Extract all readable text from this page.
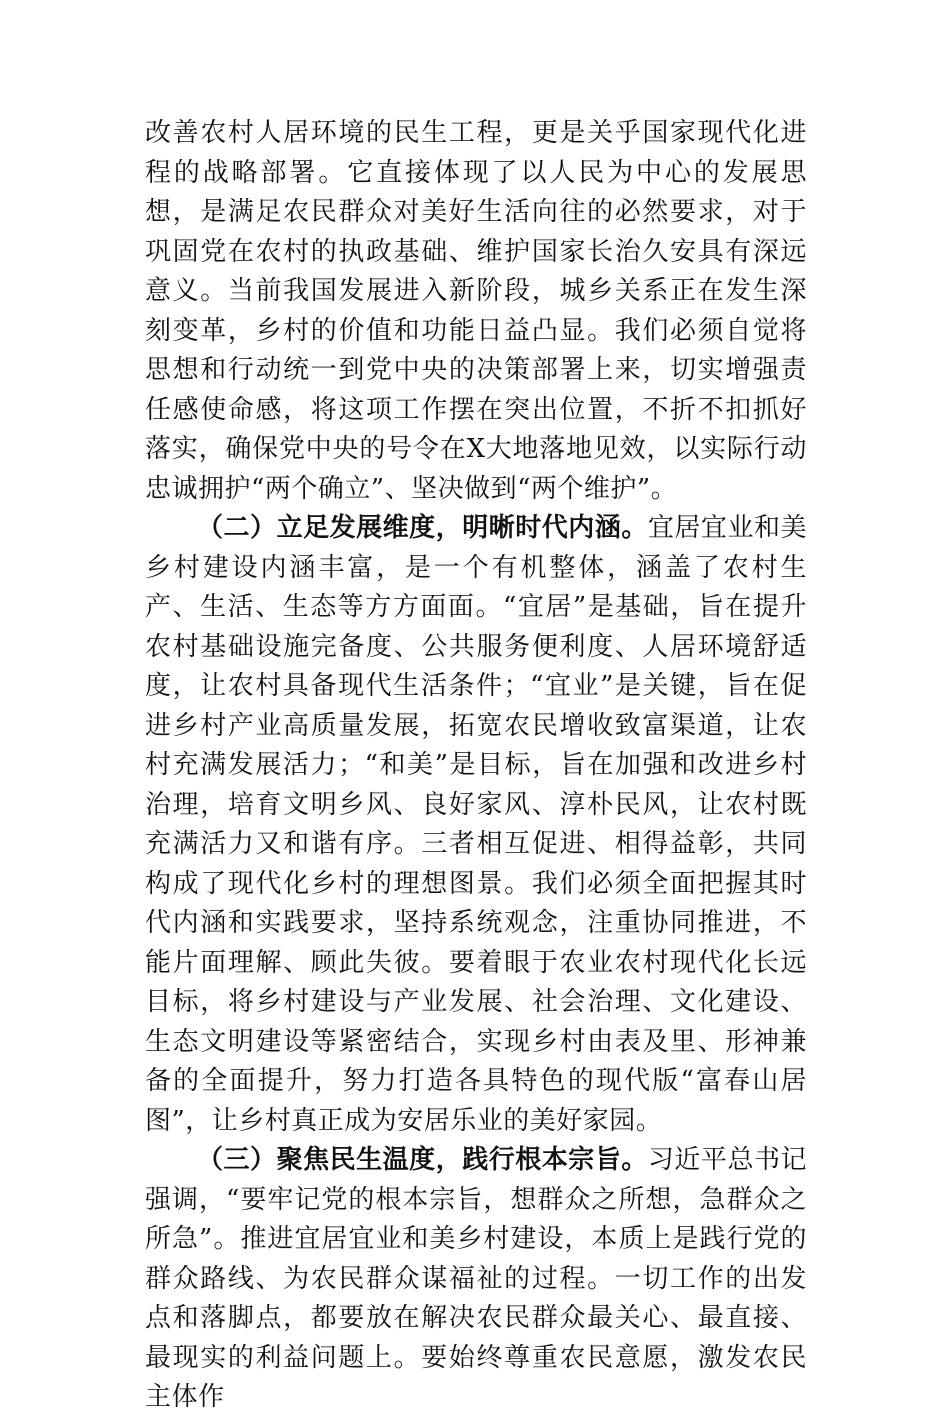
改善农村人居环境的民生工程，更是关乎国家现代化进程的战略部署。它直接体现了以人民为中心的发展思想，是满足农民群众对美好生活向往的必然要求，对于巩固党在农村的执政基础、维护国家长治久安具有深远意义。当前我国发展进入新阶段，城乡关系正在发生深刻变革，乡村的价值和功能日益凸显。我们必须自觉将思想和行动统一到党中央的决策部署上来，切实增强责任感使命感，将这项工作摆在突出位置，不折不扣抓好落实，确保党中央的号令在X大地落地见效，以实际行动忠诚拥护“两个确立”、坚决做到“两个维护”。

（二）立足发展维度，明晰时代内涵。宜居宜业和美乡村建设内涵丰富，是一个有机整体，涵盖了农村生产、生活、生态等方方面面。“宜居”是基础，旨在提升农村基础设施完备度、公共服务便利度、人居环境舒适度，让农村具备现代生活条件；“宜业”是关键，旨在促进乡村产业高质量发展，拓宽农民增收致富渠道，让农村充满发展活力；“和美”是目标，旨在加强和改进乡村治理，培育文明乡风、良好家风、淳朴民风，让农村既充满活力又和谐有序。三者相互促进、相得益彰，共同构成了现代化乡村的理想图景。我们必须全面把握其时代内涵和实践要求，坚持系统观念，注重协同推进，不能片面理解、顾此失彼。要着眼于农业农村现代化长远目标，将乡村建设与产业发展、社会治理、文化建设、生态文明建设等紧密结合，实现乡村由表及里、形神兼备的全面提升，努力打造各具特色的现代版“富春山居图”，让乡村真正成为安居乐业的美好家园。

（三）聚焦民生温度，践行根本宗旨。习近平总书记强调，“要牢记党的根本宗旨，想群众之所想，急群众之所急”。推进宜居宜业和美乡村建设，本质上是践行党的群众路线、为农民群众谋福祉的过程。一切工作的出发点和落脚点，都要放在解决农民群众最关心、最直接、最现实的利益问题上。要始终尊重农民意愿，激发农民主体作
